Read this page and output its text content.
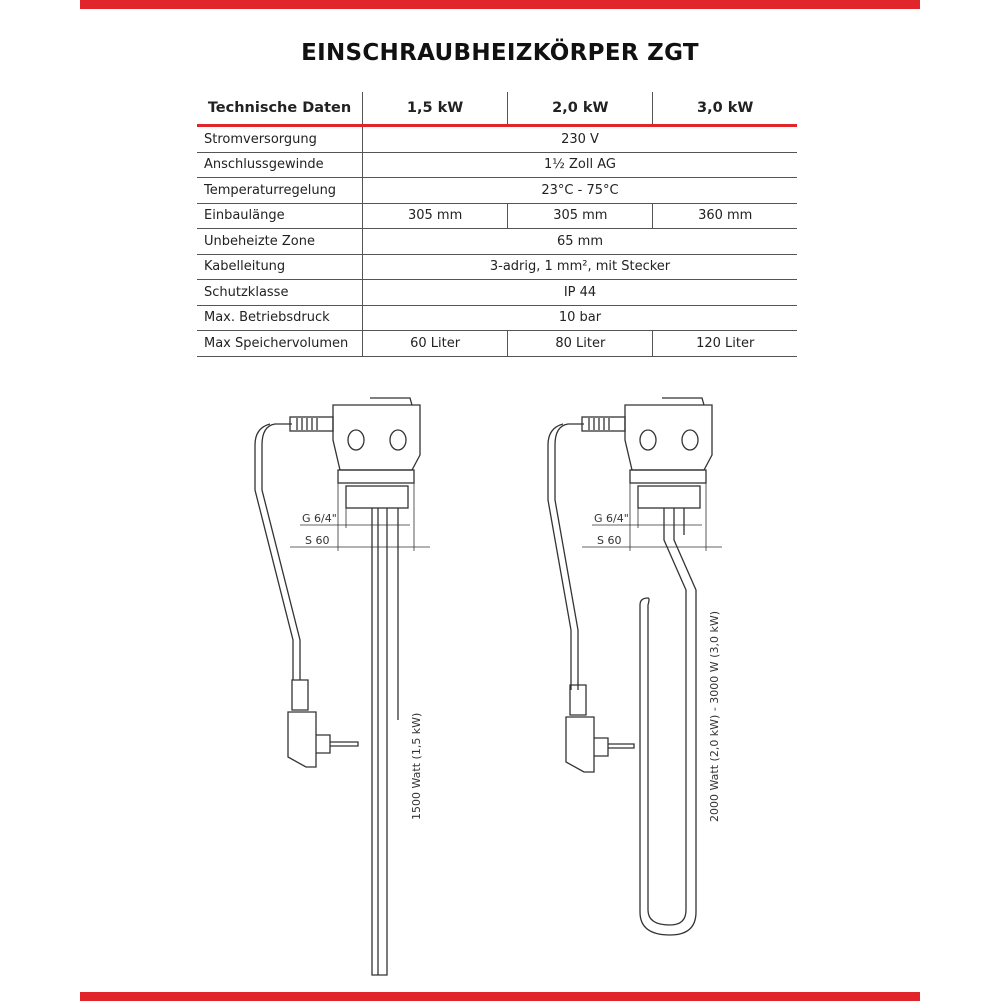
EINSCHRAUBHEIZKÖRPER ZGT
Technische Daten	1,5 kW	2,0 kW	3,0 kW
Stromversorgung	230 V		
Anschlussgewinde	1½ Zoll AG		
Temperaturregelung	23°C - 75°C		
Einbaulänge	305 mm	305 mm	360 mm
Unbeheizte Zone	65 mm		
Kabelleitung	3-adrig, 1 mm², mit Stecker		
Schutzklasse	IP 44		
Max. Betriebsdruck	10 bar		
Max Speichervolumen	60 Liter	80 Liter	120 Liter
G 6/4"
S 60
1500 Watt (1,5 kW)
G 6/4"
S 60
2000 Watt (2,0 kW) - 3000 W (3,0 kW)
